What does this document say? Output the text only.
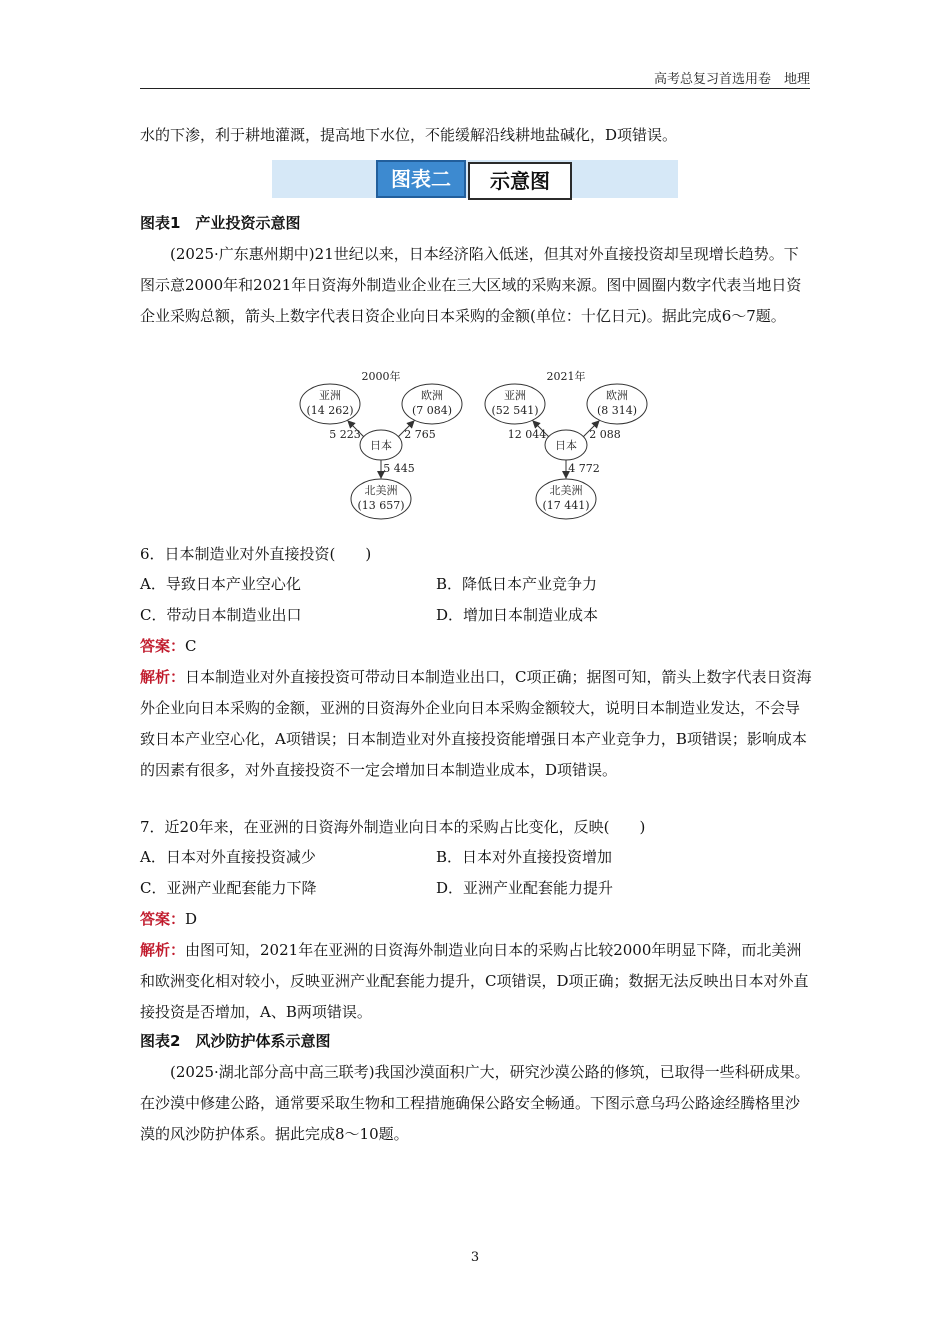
高考总复习首选用卷　地理

水的下渗，利于耕地灌溉，提高地下水位，不能缓解沿线耕地盐碱化，D项错误。

图表二	示意图

图表1　产业投资示意图

(2025·广东惠州期中)21世纪以来，日本经济陷入低迷，但其对外直接投资却呈现增长趋势。下图示意2000年和2021年日资海外制造业企业在三大区域的采购来源。图中圆圈内数字代表当地日资企业采购总额，箭头上数字代表日资企业向日本采购的金额(单位：十亿日元)。据此完成6～7题。

2000年
亚洲
(14 262)
欧洲
(7 084)
日本
北美洲
(13 657)
5 223	2 765
5 445
2021年
亚洲
(52 541)
欧洲
(8 314)
日本
北美洲
(17 441)
12 044	2 088
4 772

6．日本制造业对外直接投资(　　)

A．导致日本产业空心化	B．降低日本产业竞争力
C．带动日本制造业出口	D．增加日本制造业成本

答案：C

解析：日本制造业对外直接投资可带动日本制造业出口，C项正确；据图可知，箭头上数字代表日资海外企业向日本采购的金额，亚洲的日资海外企业向日本采购金额较大，说明日本制造业发达，不会导致日本产业空心化，A项错误；日本制造业对外直接投资能增强日本产业竞争力，B项错误；影响成本的因素有很多，对外直接投资不一定会增加日本制造业成本，D项错误。

7．近20年来，在亚洲的日资海外制造业向日本的采购占比变化，反映(　　)

A．日本对外直接投资减少	B．日本对外直接投资增加
C．亚洲产业配套能力下降	D．亚洲产业配套能力提升

答案：D

解析：由图可知，2021年在亚洲的日资海外制造业向日本的采购占比较2000年明显下降，而北美洲和欧洲变化相对较小，反映亚洲产业配套能力提升，C项错误，D项正确；数据无法反映出日本对外直接投资是否增加，A、B两项错误。

图表2　风沙防护体系示意图

(2025·湖北部分高中高三联考)我国沙漠面积广大，研究沙漠公路的修筑，已取得一些科研成果。在沙漠中修建公路，通常要采取生物和工程措施确保公路安全畅通。下图示意乌玛公路途经腾格里沙漠的风沙防护体系。据此完成8～10题。

3
